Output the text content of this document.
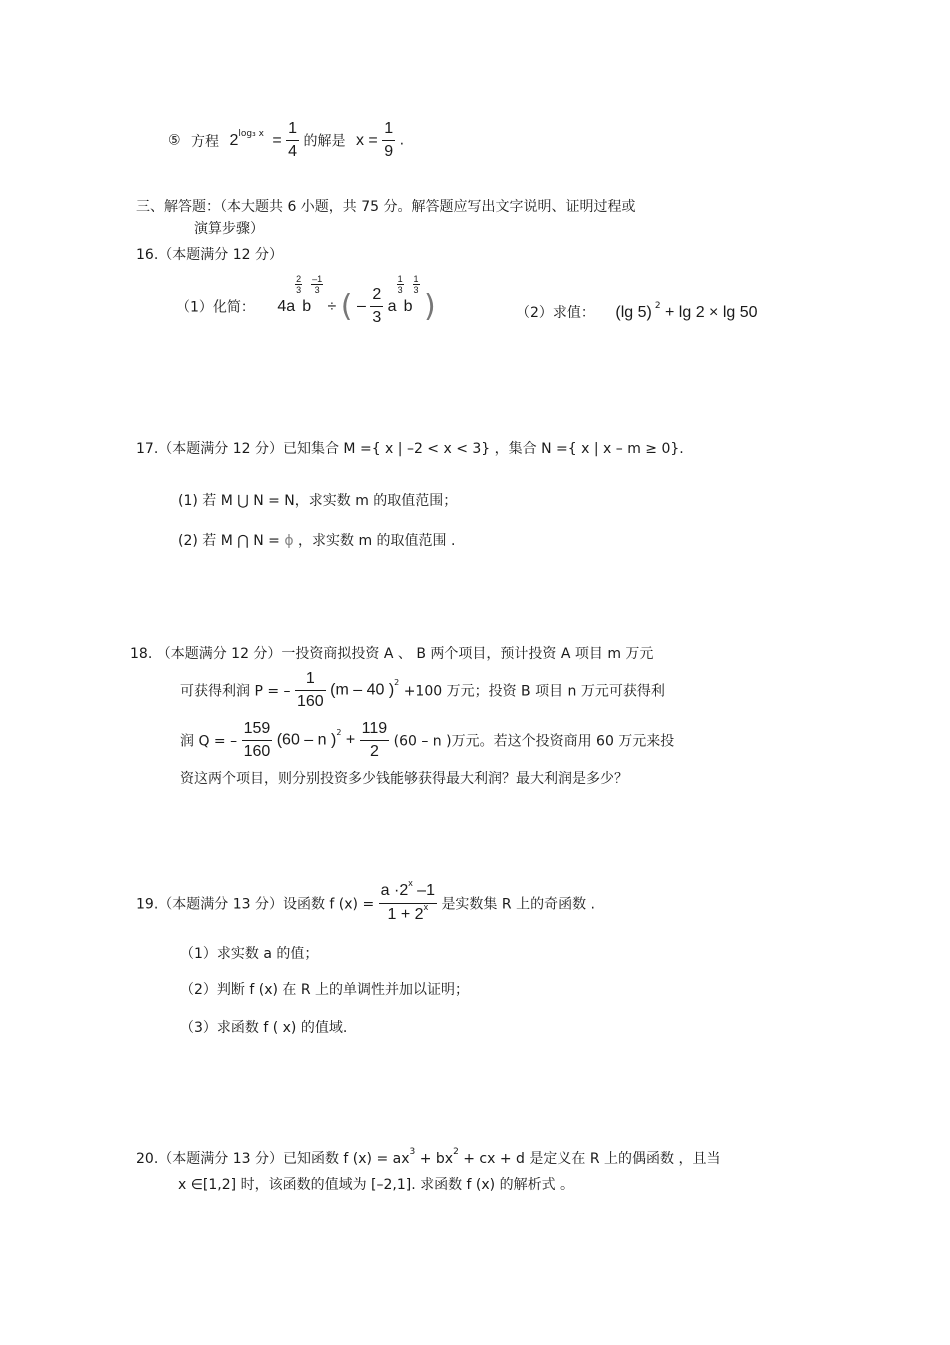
⑤ 方程 $2^{log_3 x} = \frac{1}{4}$ 的解是 $x = \frac{1}{9}$ .
三、解答题：（本大题共 6 小题，共 75 分。解答题应写出文字说明、证明过程或
演算步骤）
16.（本题满分 12 分）
（1）化简： 4a
$\frac{2}{3}$
b
$\frac{-1}{3}$
÷ ( – $\frac{2}{3}$ a
$\frac{1}{3}$
b
$\frac{1}{3}$
)	（2）求值： (lg 5) $^2$ + lg 2 × lg 50
17.（本题满分 12 分）已知集合 M ={ x | –2 < x < 3} ，集合 N ={ x | x – m ≥ 0}.
(1) 若 M ⋃ N = N，求实数 m 的取值范围；
(2) 若 M ⋂ N = ϕ ，求实数 m 的取值范围 .
18. （本题满分 12 分）一投资商拟投资 A 、 B 两个项目，预计投资 A 项目 m 万元
可获得利润 P = – $\frac{1}{160} (m - 40$ )$^2$ +100 万元；投资 B 项目 n 万元可获得利
润 Q = – $\frac{159}{160} (60$ – n )$^2 + \frac{119}{2} (60 - n$ )万元。若这个投资商用 60 万元来投
资这两个项目，则分别投资多少钱能够获得最大利润？最大利润是多少？
19.（本题满分 13 分）设函数 f $(x) = \frac{a \cdot 2^x -1}{1 + 2^x}$ 是实数集 R 上的奇函数 .
（1）求实数 a 的值；
（2）判断 f (x) 在 R 上的单调性并加以证明；
（3）求函数 f ( x) 的值域.
20.（本题满分 13 分）已知函数 f $(x) = ax^3 + bx^2$ + cx + d 是定义在 R 上的偶函数 ，且当
x ∈[1,2] 时，该函数的值域为 [–2,1]. 求函数 f (x) 的解析式 。
